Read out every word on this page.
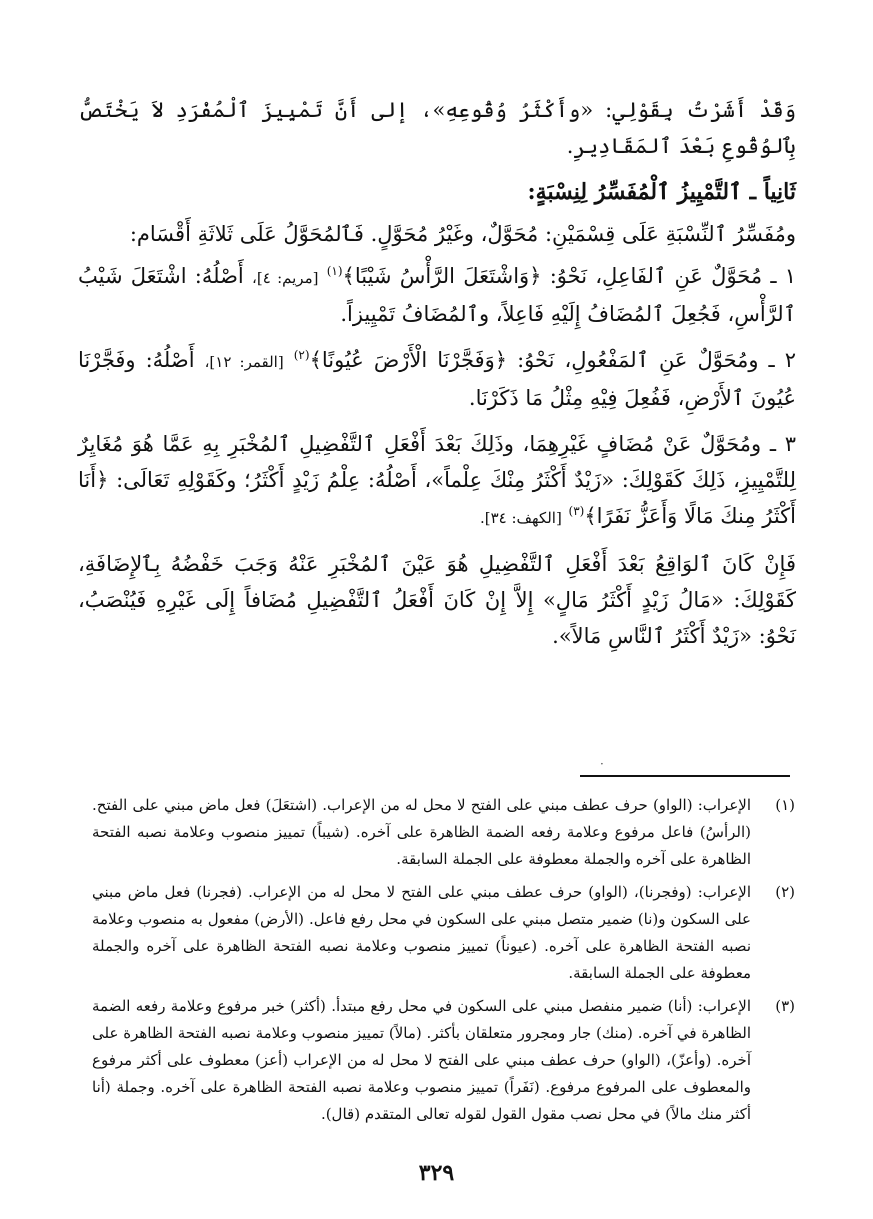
وَقَدْ أَشَرْتُ بِقَوْلِي: «وأَكْثَرُ وُقُوعِهِ»، إلى أَنَّ تَمْيِيزَ ٱلْمُفْرَدِ لاَ يَخْتَصُّ بِٱلوُقُوعِ بَعْدَ ٱلمَقَادِيرِ.

ثَانِياً ـ ٱلتَّمْيِيزُ ٱلْمُفَسِّرُ لِنِسْبَةٍ:

ومُفَسِّرُ ٱلنِّسْبَةِ عَلَى قِسْمَيْنِ: مُحَوَّلٌ، وغَيْرُ مُحَوَّلٍ. فَٱلمُحَوَّلُ عَلَى ثَلاثَةِ أَقْسَام:

١ ـ مُحَوَّلٌ عَنِ ٱلفَاعِلِ، نَحْوُ: ﴿وَاشْتَعَلَ الرَّأْسُ شَيْبًا﴾$^{(١)}$ [مريم: ٤]، أَصْلُهُ: اشْتَعَلَ شَيْبُ ٱلرَّأْسِ، فَجُعِلَ ٱلمُضَافُ إِلَيْهِ فَاعِلاً، وٱلمُضَافُ تَمْيِيزاً.

٢ ـ ومُحَوَّلٌ عَنِ ٱلمَفْعُولِ، نَحْوُ: ﴿وَفَجَّرْنَا الْأَرْضَ عُيُونًا﴾$^{(٢)}$ [القمر: ١٢]، أَصْلُهُ: وفَجَّرْنَا عُيُونَ ٱلأَرْضِ، فَفُعِلَ فِيْهِ مِثْلُ مَا ذَكَرْنَا.

٣ ـ ومُحَوَّلٌ عَنْ مُضَافٍ غَيْرِهِمَا، وذَلِكَ بَعْدَ أَفْعَلِ ٱلتَّفْضِيلِ ٱلمُخْبَرِ بِهِ عَمَّا هُوَ مُغَايِرٌ لِلتَّمْيِيزِ، ذَلِكَ كَقَوْلِكَ: «زَيْدٌ أَكْثَرُ مِنْكَ عِلْماً»، أَصْلُهُ: عِلْمُ زَيْدٍ أَكْثَرُ؛ وكَقَوْلِهِ تَعَالَى: ﴿أَنَا أَكْثَرُ مِنكَ مَالًا وَأَعَزُّ نَفَرًا﴾$^{(٣)}$ [الكهف: ٣٤].

فَإِنْ كَانَ ٱلوَاقِعُ بَعْدَ أَفْعَلِ ٱلتَّفْضِيلِ هُوَ عَيْنَ ٱلمُخْبَرِ عَنْهُ وَجَبَ خَفْضُهُ بِٱلإِضَافَةِ، كَقَوْلِكَ: «مَالُ زَيْدٍ أَكْثَرُ مَالٍ» إِلاَّ إِنْ كَانَ أَفْعَلُ ٱلتَّفْضِيلِ مُضَافاً إِلَى غَيْرِهِ فَيُنْصَبُ، نَحْوُ: «زَيْدٌ أَكْثَرُ ٱلنَّاسِ مَالاً».

·
(١)
الإعراب: (الواو) حرف عطف مبني على الفتح لا محل له من الإعراب. (اشتعَلَ) فعل ماض مبني على الفتح. (الرأسُ) فاعل مرفوع وعلامة رفعه الضمة الظاهرة على آخره. (شيباً) تمييز منصوب وعلامة نصبه الفتحة الظاهرة على آخره والجملة معطوفة على الجملة السابقة.
(٢)
الإعراب: (وفجرنا)، (الواو) حرف عطف مبني على الفتح لا محل له من الإعراب. (فجرنا) فعل ماض مبني على السكون و(نا) ضمير متصل مبني على السكون في محل رفع فاعل. (الأرض) مفعول به منصوب وعلامة نصبه الفتحة الظاهرة على آخره. (عيوناً) تمييز منصوب وعلامة نصبه الفتحة الظاهرة على آخره والجملة معطوفة على الجملة السابقة.
(٣)
الإعراب: (أنا) ضمير منفصل مبني على السكون في محل رفع مبتدأ. (أكثر) خبر مرفوع وعلامة رفعه الضمة الظاهرة في آخره. (منك) جار ومجرور متعلقان بأكثر. (مالاً) تمييز منصوب وعلامة نصبه الفتحة الظاهرة على آخره. (وأعزّ)، (الواو) حرف عطف مبني على الفتح لا محل له من الإعراب (أعز) معطوف على أكثر مرفوع والمعطوف على المرفوع مرفوع. (نَفَراً) تمييز منصوب وعلامة نصبه الفتحة الظاهرة على آخره. وجملة (أنا أكثر منك مالاً) في محل نصب مقول القول لقوله تعالى المتقدم (قال).
٣٢٩
